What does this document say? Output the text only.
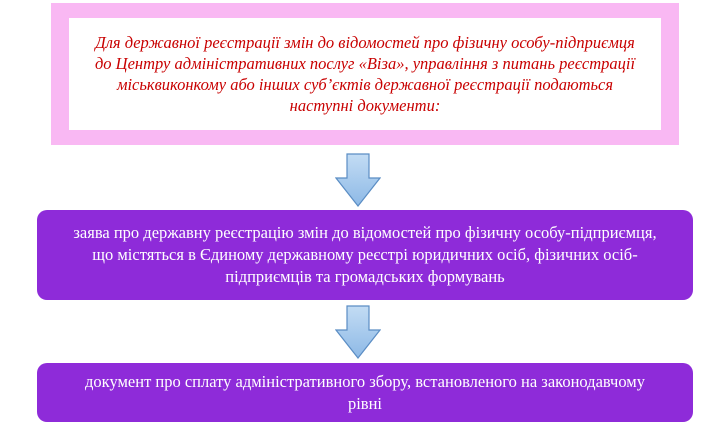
Для державної реєстрації змін до відомостей про фізичну особу-підприємця до Центру адміністративних послуг «Віза», управління з питань реєстрації міськвиконкому або інших суб’єктів державної реєстрації подаються наступні документи:
заява про державну реєстрацію змін до відомостей про фізичну особу-підприємця, що містяться в Єдиному державному реєстрі юридичних осіб, фізичних осіб-підприємців та громадських формувань
документ про сплату адміністративного збору, встановленого на законодавчому рівні
